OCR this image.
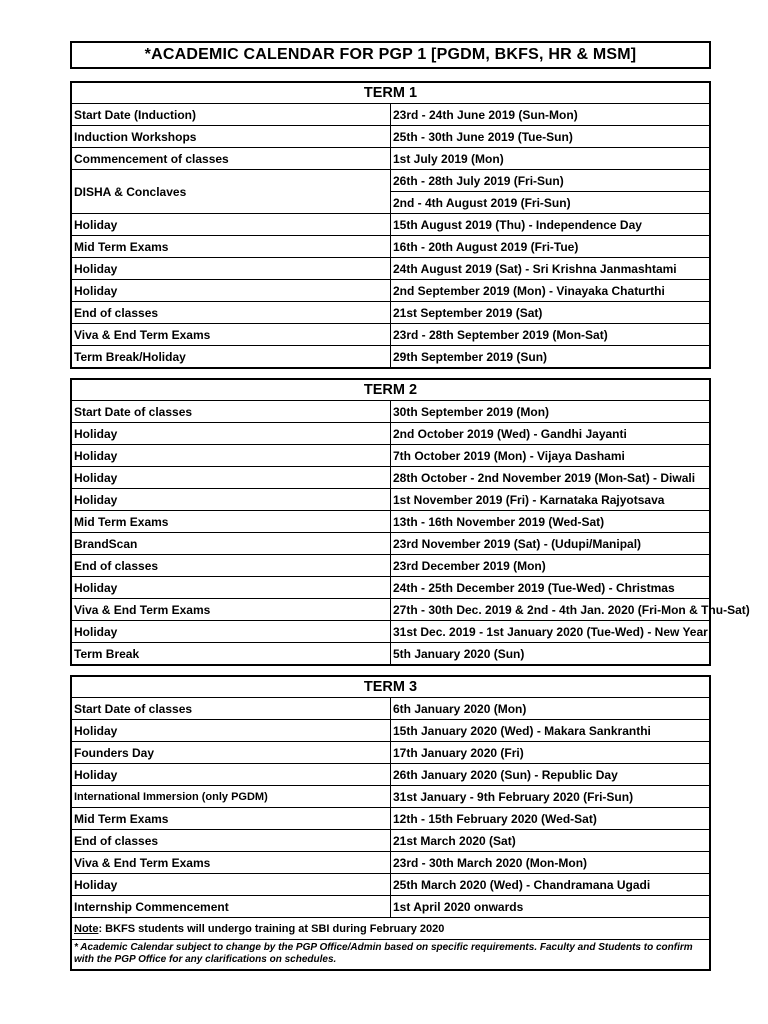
*ACADEMIC CALENDAR FOR PGP 1 [PGDM, BKFS, HR & MSM]
TERM 1	
Start Date (Induction)	23rd - 24th June 2019 (Sun-Mon)
Induction Workshops	25th - 30th June 2019 (Tue-Sun)
Commencement of classes	1st July 2019 (Mon)
DISHA & Conclaves	26th - 28th July 2019 (Fri-Sun)
	2nd - 4th August 2019 (Fri-Sun)
Holiday	15th August 2019 (Thu) - Independence Day
Mid Term Exams	16th - 20th August 2019 (Fri-Tue)
Holiday	24th August 2019 (Sat) - Sri Krishna Janmashtami
Holiday	2nd September 2019 (Mon) - Vinayaka Chaturthi
End of classes	21st September 2019 (Sat)
Viva & End Term Exams	23rd - 28th September 2019 (Mon-Sat)
Term Break/Holiday	29th September 2019 (Sun)
TERM 2	
Start Date of classes	30th September 2019 (Mon)
Holiday	2nd October 2019 (Wed) - Gandhi Jayanti
Holiday	7th October 2019 (Mon) - Vijaya Dashami
Holiday	28th October - 2nd November 2019 (Mon-Sat) - Diwali
Holiday	1st November 2019 (Fri) - Karnataka Rajyotsava
Mid Term Exams	13th - 16th November 2019 (Wed-Sat)
BrandScan	23rd November 2019 (Sat) - (Udupi/Manipal)
End of classes	23rd December 2019 (Mon)
Holiday	24th - 25th December 2019 (Tue-Wed) - Christmas
Viva & End Term Exams	27th - 30th Dec. 2019 & 2nd - 4th Jan. 2020 (Fri-Mon & Thu-Sat)
Holiday	31st Dec. 2019 - 1st January 2020 (Tue-Wed) - New Year
Term Break	5th January 2020 (Sun)
TERM 3	
Start Date of classes	6th January 2020 (Mon)
Holiday	15th January 2020 (Wed) - Makara Sankranthi
Founders Day	17th January 2020 (Fri)
Holiday	26th January 2020 (Sun) - Republic Day
International Immersion (only PGDM)	31st January - 9th February 2020 (Fri-Sun)
Mid Term Exams	12th - 15th February 2020 (Wed-Sat)
End of classes	21st March 2020 (Sat)
Viva & End Term Exams	23rd - 30th March 2020 (Mon-Mon)
Holiday	25th March 2020 (Wed) - Chandramana Ugadi
Internship Commencement	1st April 2020 onwards
Note: BKFS students will undergo training at SBI during February 2020	
* Academic Calendar subject to change by the PGP Office/Admin based on specific requirements. Faculty and Students to confirm with the PGP Office for any clarifications on schedules.	
